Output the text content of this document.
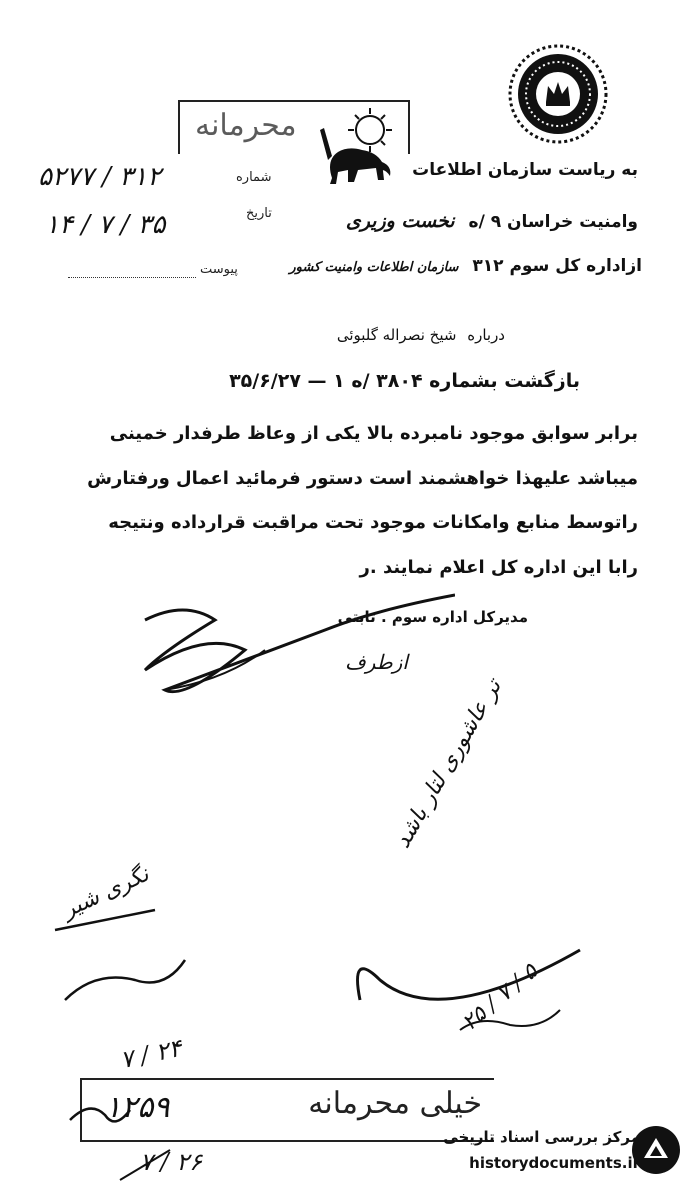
محرمانه
به ریاست سازمان اطلاعات
وامنیت خراسان ۹ /ه نخست وزیری
ازاداره کل سوم ۳۱۲ سازمان اطلاعات وامنیت کشور
شماره
۵۲۷۷ / ۳۱۲
تاریخ
۱۴ / ۷ / ۳۵
پیوست
درباره شیخ نصراله گلبوئی
بازگشت بشماره ۳۸۰۴ /ه ۱ — ۳۵/۶/۲۷
برابر سوابق موجود نامبرده بالا یکی از وعاظ طرفدار خمینی
میباشد علیهذا خواهشمند است دستور فرمائید اعمال ورفتارش
راتوسط منابع وامکانات موجود تحت مراقبت قرارداده ونتیجه
رابا این اداره کل اعلام نمایند .ر
مدیرکل اداره سوم . ثابتی
ازطرف
تر عاشوری لتار باشد
۲۵ / ۷ / ۵
نگری شیر
خیلی محرمانه
۱۲۵۹
۷ / ۲۴
۷ / ۲۶
مرکز بررسی اسناد تاریخی
historydocuments.ir
